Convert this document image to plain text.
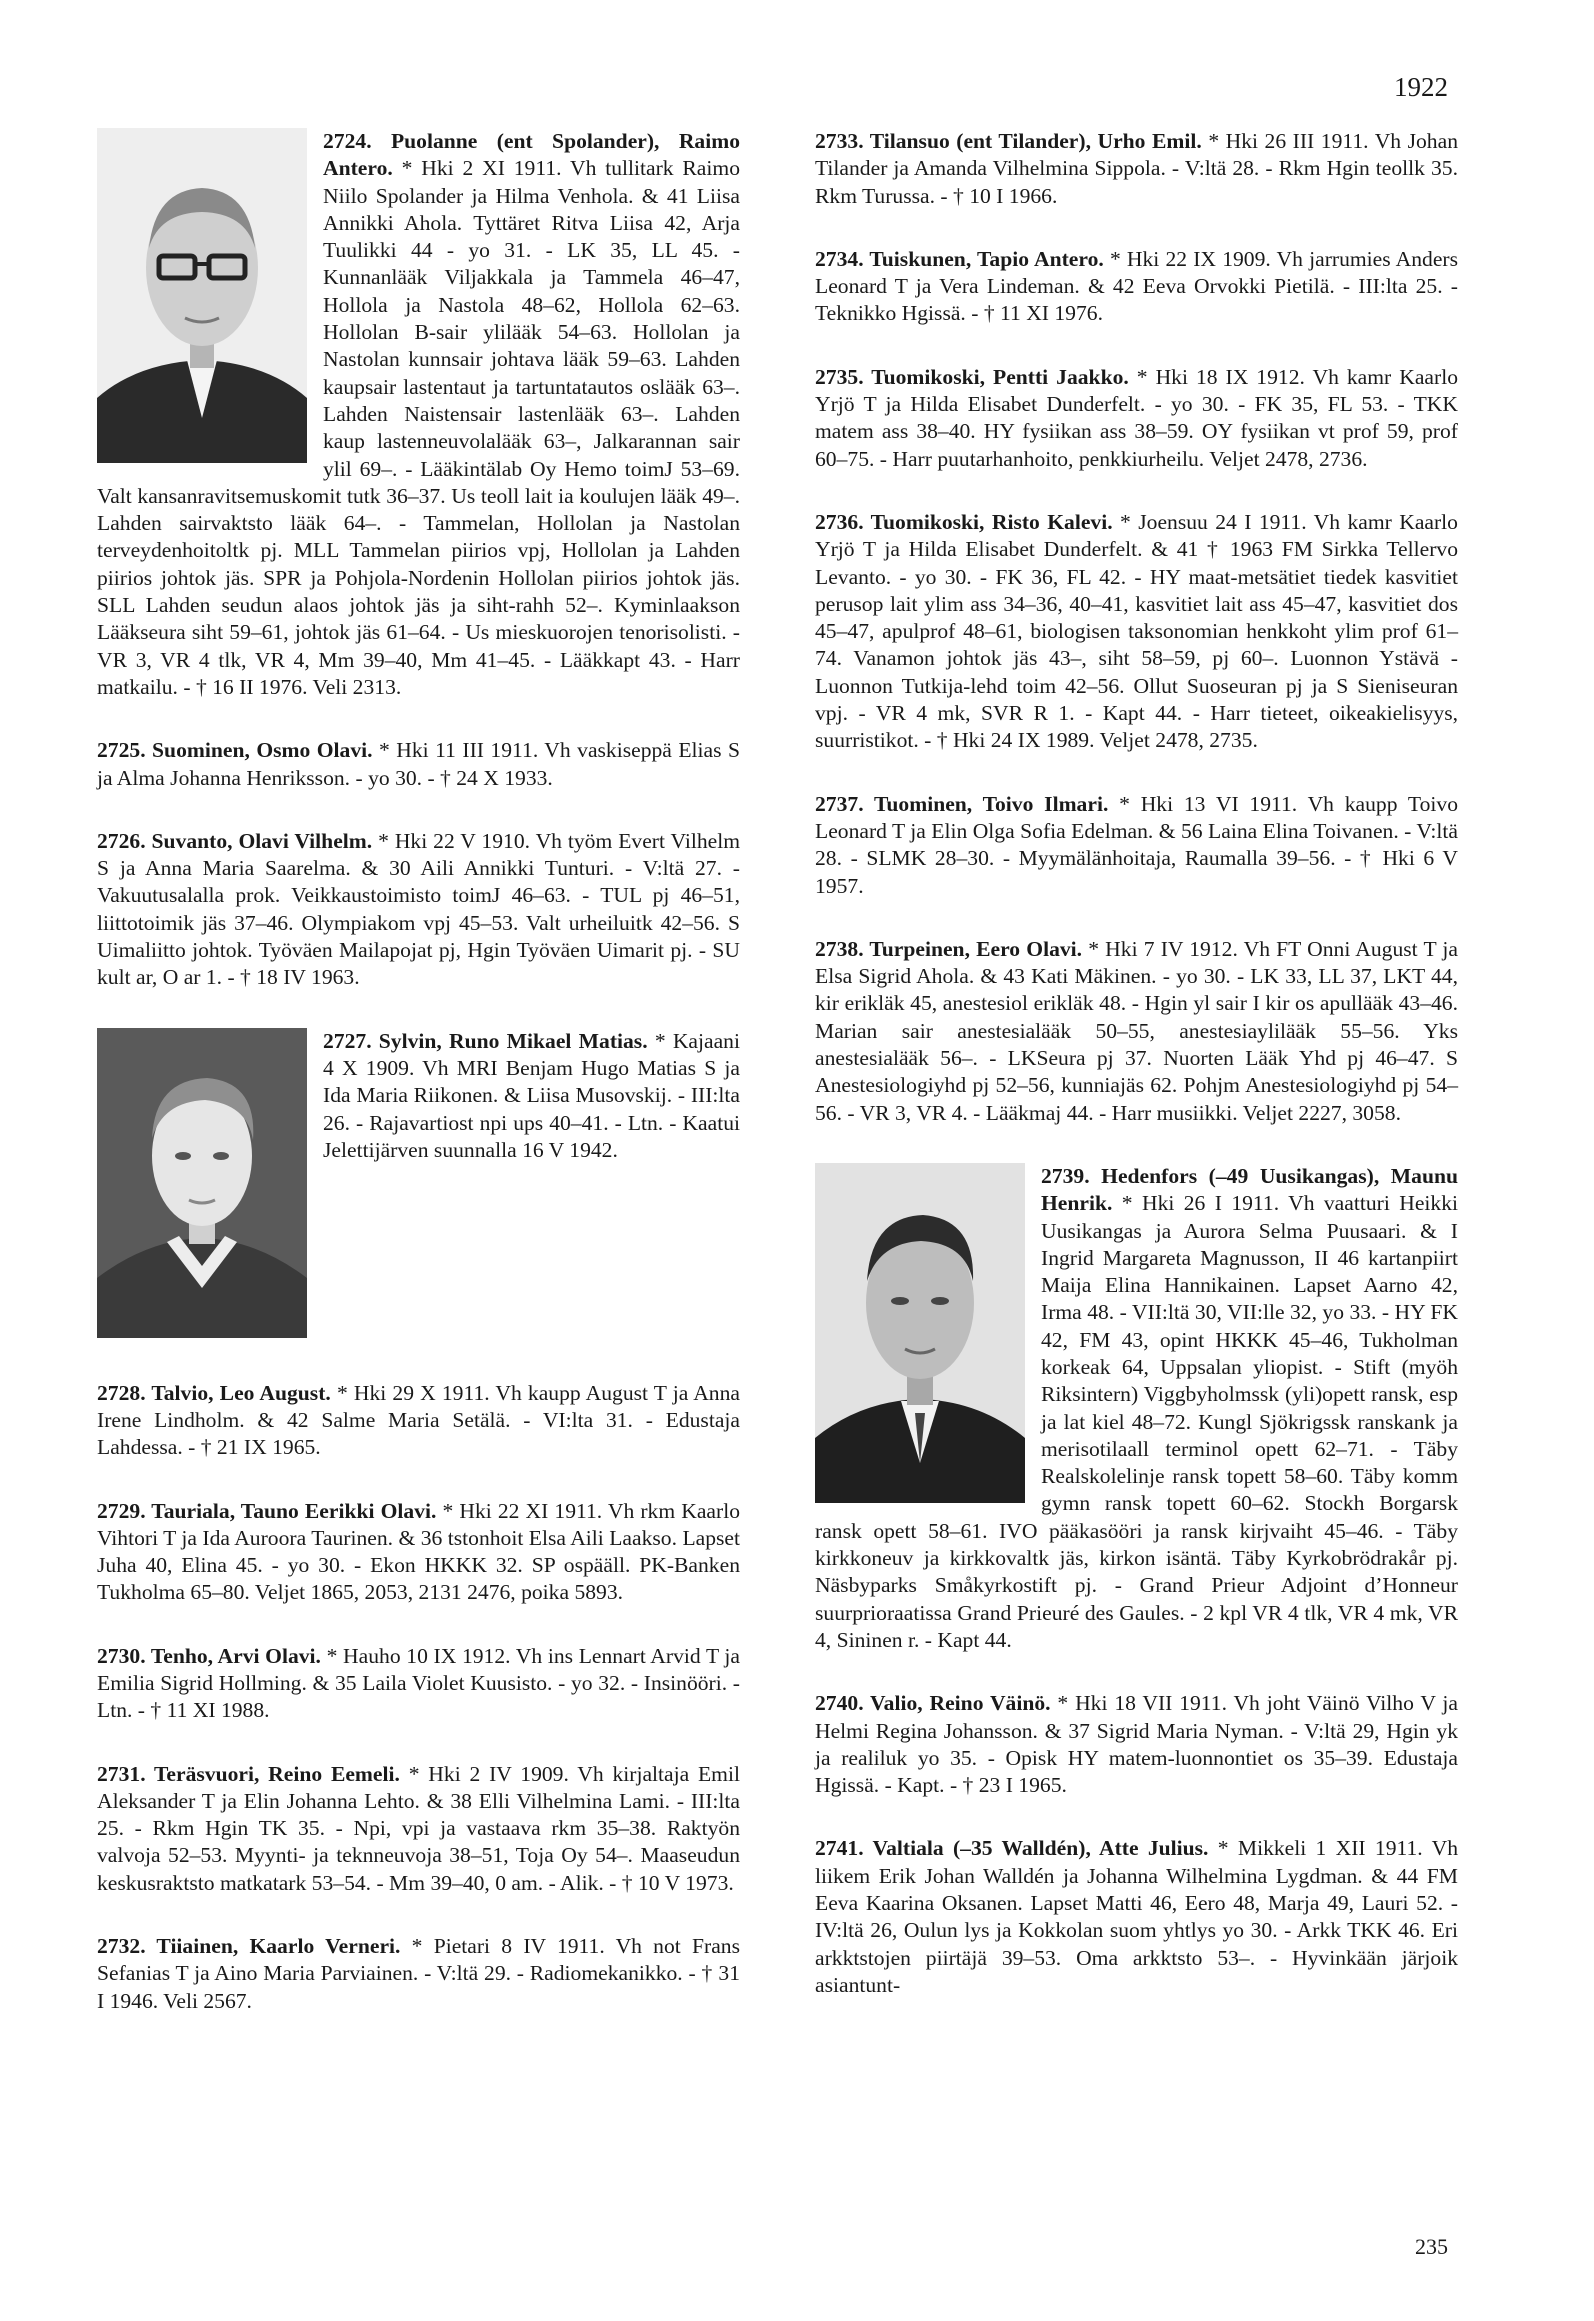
1922
2724. Puolanne (ent Spolander), Raimo Antero. * Hki 2 XI 1911. Vh tullitark Raimo Niilo Spolander ja Hilma Venhola. & 41 Liisa Annikki Ahola. Tyttäret Ritva Liisa 42, Arja Tuulikki 44 - yo 31. - LK 35, LL 45. - Kunnanlääk Viljakkala ja Tammela 46–47, Hollola ja Nastola 48–62, Hollola 62–63. Hollolan B-sair ylilääk 54–63. Hollolan ja Nastolan kunnsair johtava lääk 59–63. Lahden kaupsair lastentaut ja tartuntatautos oslääk 63–. Lahden Naistensair lastenlääk 63–. Lahden kaup lastenneuvolalääk 63–, Jalkarannan sair ylil 69–. - Lääkintälab Oy Hemo toimJ 53–69. Valt kansanravitsemuskomit tutk 36–37. Us teoll lait ia koulujen lääk 49–. Lahden sairvaktsto lääk 64–. - Tammelan, Hollolan ja Nastolan terveydenhoitoltk pj. MLL Tammelan piirios vpj, Hollolan ja Lahden piirios johtok jäs. SPR ja Pohjola-Nordenin Hollolan piirios johtok jäs. SLL Lahden seudun alaos johtok jäs ja siht-rahh 52–. Kyminlaakson Lääkseura siht 59–61, johtok jäs 61–64. - Us mieskuorojen tenorisolisti. - VR 3, VR 4 tlk, VR 4, Mm 39–40, Mm 41–45. - Lääkkapt 43. - Harr matkailu. - † 16 II 1976. Veli 2313.
2725. Suominen, Osmo Olavi. * Hki 11 III 1911. Vh vaskiseppä Elias S ja Alma Johanna Henriksson. - yo 30. - † 24 X 1933.
2726. Suvanto, Olavi Vilhelm. * Hki 22 V 1910. Vh työm Evert Vilhelm S ja Anna Maria Saarelma. & 30 Aili Annikki Tunturi. - V:ltä 27. - Vakuutusalalla prok. Veikkaustoimisto toimJ 46–63. - TUL pj 46–51, liittotoimik jäs 37–46. Olympiakom vpj 45–53. Valt urheiluitk 42–56. S Uimaliitto johtok. Työväen Mailapojat pj, Hgin Työväen Uimarit pj. - SU kult ar, O ar 1. - † 18 IV 1963.
2727. Sylvin, Runo Mikael Matias. * Kajaani 4 X 1909. Vh MRI Benjam Hugo Matias S ja Ida Maria Riikonen. & Liisa Musovskij. - III:lta 26. - Rajavartiost npi ups 40–41. - Ltn. - Kaatui Jelettijärven suunnalla 16 V 1942.
2728. Talvio, Leo August. * Hki 29 X 1911. Vh kaupp August T ja Anna Irene Lindholm. & 42 Salme Maria Setälä. - VI:lta 31. - Edustaja Lahdessa. - † 21 IX 1965.
2729. Tauriala, Tauno Eerikki Olavi. * Hki 22 XI 1911. Vh rkm Kaarlo Vihtori T ja Ida Auroora Taurinen. & 36 tstonhoit Elsa Aili Laakso. Lapset Juha 40, Elina 45. - yo 30. - Ekon HKKK 32. SP ospääll. PK-Banken Tukholma 65–80. Veljet 1865, 2053, 2131 2476, poika 5893.
2730. Tenho, Arvi Olavi. * Hauho 10 IX 1912. Vh ins Lennart Arvid T ja Emilia Sigrid Hollming. & 35 Laila Violet Kuusisto. - yo 32. - Insinööri. - Ltn. - † 11 XI 1988.
2731. Teräsvuori, Reino Eemeli. * Hki 2 IV 1909. Vh kirjaltaja Emil Aleksander T ja Elin Johanna Lehto. & 38 Elli Vilhelmina Lami. - III:lta 25. - Rkm Hgin TK 35. - Npi, vpi ja vastaava rkm 35–38. Raktyön valvoja 52–53. Myynti- ja teknneuvoja 38–51, Toja Oy 54–. Maaseudun keskusraktsto matkatark 53–54. - Mm 39–40, 0 am. - Alik. - † 10 V 1973.
2732. Tiiainen, Kaarlo Verneri. * Pietari 8 IV 1911. Vh not Frans Sefanias T ja Aino Maria Parviainen. - V:ltä 29. - Radiomekanikko. - † 31 I 1946. Veli 2567.
2733. Tilansuo (ent Tilander), Urho Emil. * Hki 26 III 1911. Vh Johan Tilander ja Amanda Vilhelmina Sippola. - V:ltä 28. - Rkm Hgin teollk 35. Rkm Turussa. - † 10 I 1966.
2734. Tuiskunen, Tapio Antero. * Hki 22 IX 1909. Vh jarrumies Anders Leonard T ja Vera Lindeman. & 42 Eeva Orvokki Pietilä. - III:lta 25. - Teknikko Hgissä. - † 11 XI 1976.
2735. Tuomikoski, Pentti Jaakko. * Hki 18 IX 1912. Vh kamr Kaarlo Yrjö T ja Hilda Elisabet Dunderfelt. - yo 30. - FK 35, FL 53. - TKK matem ass 38–40. HY fysiikan ass 38–59. OY fysiikan vt prof 59, prof 60–75. - Harr puutarhanhoito, penkkiurheilu. Veljet 2478, 2736.
2736. Tuomikoski, Risto Kalevi. * Joensuu 24 I 1911. Vh kamr Kaarlo Yrjö T ja Hilda Elisabet Dunderfelt. & 41 † 1963 FM Sirkka Tellervo Levanto. - yo 30. - FK 36, FL 42. - HY maat-metsätiet tiedek kasvitiet perusop lait ylim ass 34–36, 40–41, kasvitiet lait ass 45–47, kasvitiet dos 45–47, apulprof 48–61, biologisen taksonomian henkkoht ylim prof 61–74. Vanamon johtok jäs 43–, siht 58–59, pj 60–. Luonnon Ystävä - Luonnon Tutkija-lehd toim 42–56. Ollut Suoseuran pj ja S Sieniseuran vpj. - VR 4 mk, SVR R 1. - Kapt 44. - Harr tieteet, oikeakielisyys, suurristikot. - † Hki 24 IX 1989. Veljet 2478, 2735.
2737. Tuominen, Toivo Ilmari. * Hki 13 VI 1911. Vh kaupp Toivo Leonard T ja Elin Olga Sofia Edelman. & 56 Laina Elina Toivanen. - V:ltä 28. - SLMK 28–30. - Myymälänhoitaja, Raumalla 39–56. - † Hki 6 V 1957.
2738. Turpeinen, Eero Olavi. * Hki 7 IV 1912. Vh FT Onni August T ja Elsa Sigrid Ahola. & 43 Kati Mäkinen. - yo 30. - LK 33, LL 37, LKT 44, kir erikläk 45, anestesiol erikläk 48. - Hgin yl sair I kir os apullääk 43–46. Marian sair anestesialääk 50–55, anestesiaylilääk 55–56. Yks anestesialääk 56–. - LKSeura pj 37. Nuorten Lääk Yhd pj 46–47. S Anestesiologiyhd pj 52–56, kunniajäs 62. Pohjm Anestesiologiyhd pj 54–56. - VR 3, VR 4. - Lääkmaj 44. - Harr musiikki. Veljet 2227, 3058.
2739. Hedenfors (–49 Uusikangas), Maunu Henrik. * Hki 26 I 1911. Vh vaatturi Heikki Uusikangas ja Aurora Selma Puusaari. & I Ingrid Margareta Magnusson, II 46 kartanpiirt Maija Elina Hannikainen. Lapset Aarno 42, Irma 48. - VII:ltä 30, VII:lle 32, yo 33. - HY FK 42, FM 43, opint HKKK 45–46, Tukholman korkeak 64, Uppsalan yliopist. - Stift (myöh Riksintern) Viggbyholmssk (yli)opett ransk, esp ja lat kiel 48–72. Kungl Sjökrigssk ranskank ja merisotilaall terminol opett 62–71. - Täby Realskolelinje ransk topett 58–60. Täby komm gymn ransk topett 60–62. Stockh Borgarsk ransk opett 58–61. IVO pääkasööri ja ransk kirjvaiht 45–46. - Täby kirkkoneuv ja kirkkovaltk jäs, kirkon isäntä. Täby Kyrkobrödrakår pj. Näsbyparks Småkyrkostift pj. - Grand Prieur Adjoint d’Honneur suurprioraatissa Grand Prieuré des Gaules. - 2 kpl VR 4 tlk, VR 4 mk, VR 4, Sininen r. - Kapt 44.
2740. Valio, Reino Väinö. * Hki 18 VII 1911. Vh joht Väinö Vilho V ja Helmi Regina Johansson. & 37 Sigrid Maria Nyman. - V:ltä 29, Hgin yk ja realiluk yo 35. - Opisk HY matem-luonnontiet os 35–39. Edustaja Hgissä. - Kapt. - † 23 I 1965.
2741. Valtiala (–35 Walldén), Atte Julius. * Mikkeli 1 XII 1911. Vh liikem Erik Johan Walldén ja Johanna Wilhelmina Lygdman. & 44 FM Eeva Kaarina Oksanen. Lapset Matti 46, Eero 48, Marja 49, Lauri 52. - IV:ltä 26, Oulun lys ja Kokkolan suom yhtlys yo 30. - Arkk TKK 46. Eri arkktstojen piirtäjä 39–53. Oma arkktsto 53–. - Hyvinkään järjoik asiantunt-
235
